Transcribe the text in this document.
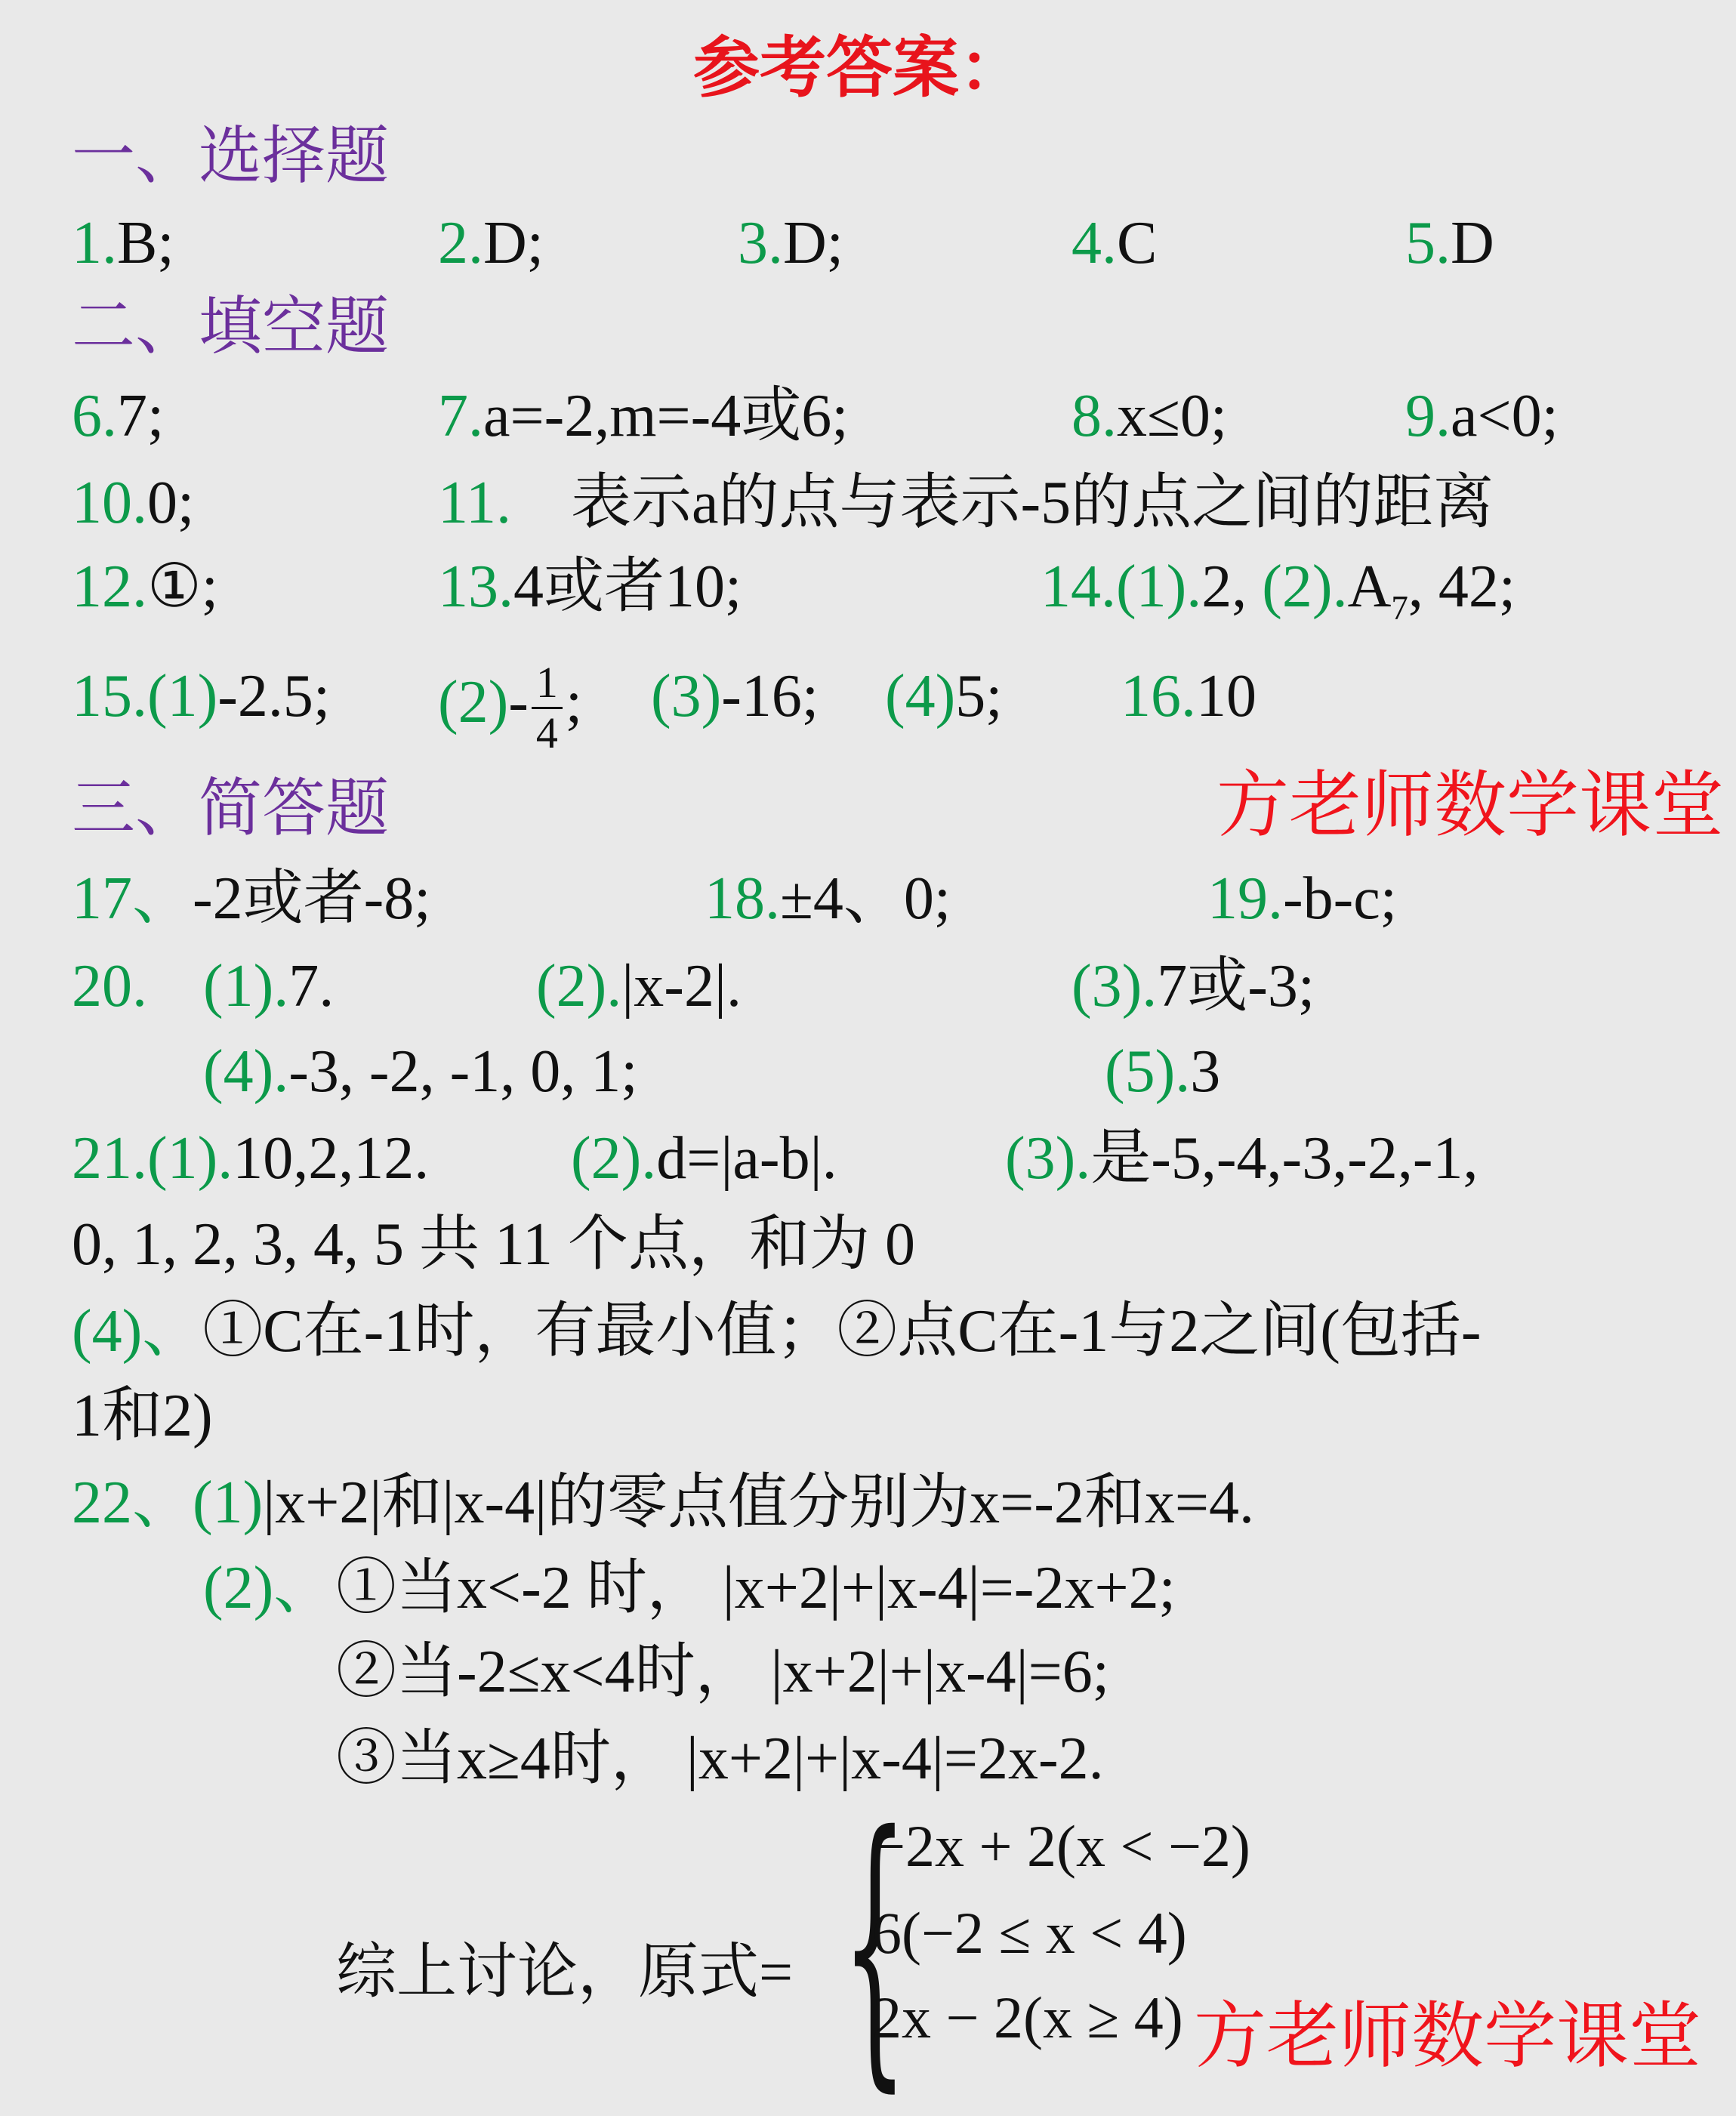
参考答案：
一、选择题
1.B;	2.D;	3.D;	4.C	5.D
二、填空题
6.7;	7.a=-2,m=-4或6;	8.x≤0;	9.a<0;
10.0;	11. 表示a的点与表示-5的点之间的距离
12.①;	13.4或者10;	14.(1).2, $(2).A_7$, 42;
15.(1)-2.5; $(2)- \frac{1}{4}$ ; (3)-16; (4)5; 16.10
三、简答题	方老师数学课堂
17、-2或者-8;	18.±4、0;	19.-b-c;
20. (1).7.	(2).|x-2|.	(3).7或-3;
(4).-3, -2, -1, 0, 1;	(5).3
21.(1).10,2,12. (2).d=|a-b|.	(3).是-5,-4,-3,-2,-1,
0, 1, 2, 3, 4, 5 共 11 个点，和为 0
(4)、①C在-1时，有最小值；②点C在-1与2之间(包括-
1和2)
22、(1)|x+2|和|x-4|的零点值分别为x=-2和x=4.
(2)、 ①当x<-2 时， |x+2|+|x-4|=-2x+2;
②当-2≤x<4时， |x+2|+|x-4|=6;
③当x≥4时， |x+2|+|x-4|=2x-2.
综上讨论，原式= {
−2x + 2(x < −2)
6(−2 ≤ x < 4)
2x − 2(x ≥ 4) 方老师数学课堂
